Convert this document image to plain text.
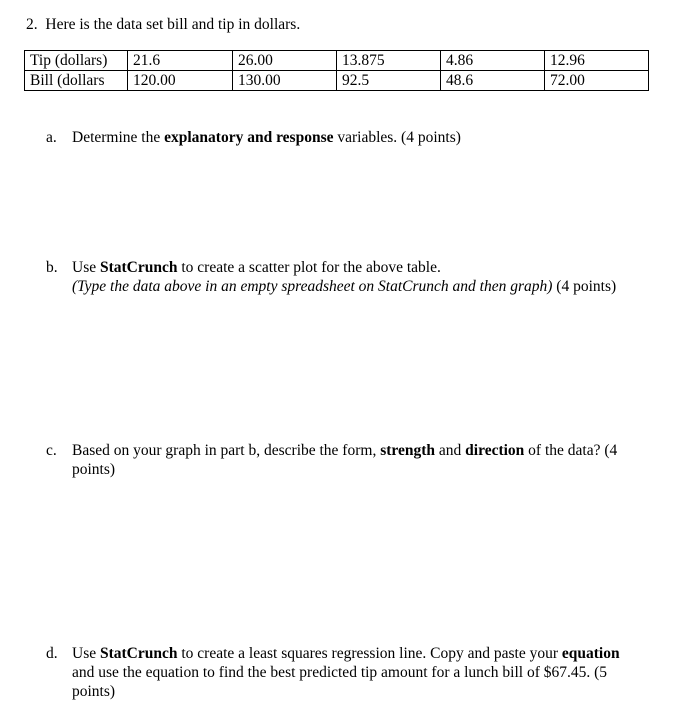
2. Here is the data set bill and tip in dollars.
Tip (dollars)	21.6	26.00	13.875	4.86	12.96
Bill (dollars	120.00	130.00	92.5	48.6	72.00
a. Determine the explanatory and response variables. (4 points)
b. Use StatCrunch to create a scatter plot for the above table.
(Type the data above in an empty spreadsheet on StatCrunch and then graph) (4 points)
c. Based on your graph in part b, describe the form, strength and direction of the data? (4
points)
d. Use StatCrunch to create a least squares regression line. Copy and paste your equation
and use the equation to find the best predicted tip amount for a lunch bill of $67.45. (5
points)
